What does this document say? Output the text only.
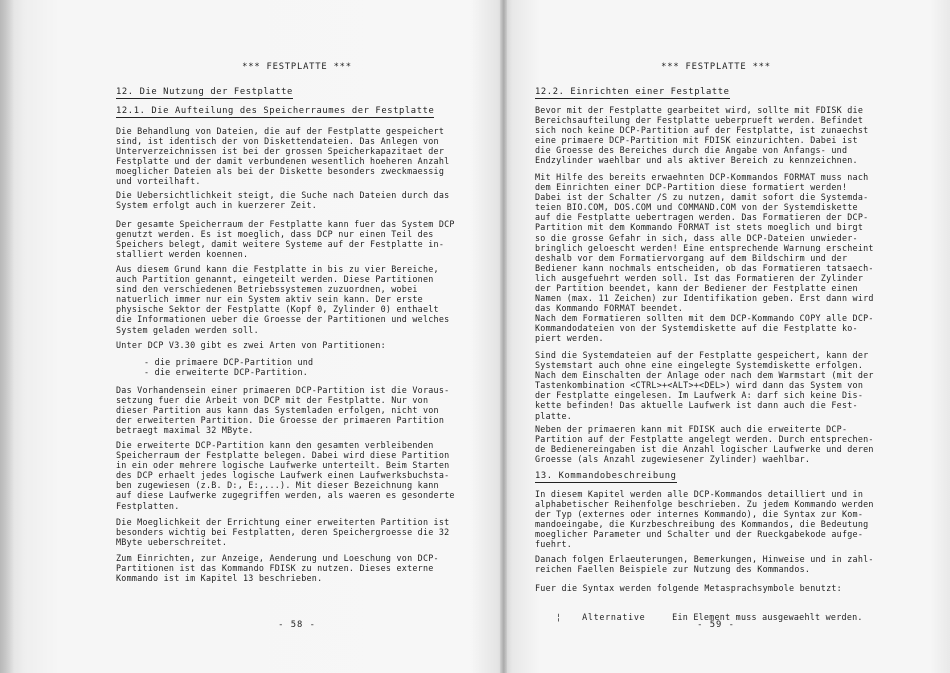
*** FESTPLATTE ***
12. Die Nutzung der Festplatte
12.1. Die Aufteilung des Speicherraumes der Festplatte
Die Behandlung von Dateien, die auf der Festplatte gespeichert
sind, ist identisch der von Diskettendateien. Das Anlegen von
Unterverzeichnissen ist bei der grossen Speicherkapazitaet der
Festplatte und der damit verbundenen wesentlich hoeheren Anzahl
moeglicher Dateien als bei der Diskette besonders zweckmaessig
und vorteilhaft.
Die Uebersichtlichkeit steigt, die Suche nach Dateien durch das
System erfolgt auch in kuerzerer Zeit.
Der gesamte Speicherraum der Festplatte kann fuer das System DCP
genutzt werden. Es ist moeglich, dass DCP nur einen Teil des
Speichers belegt, damit weitere Systeme auf der Festplatte in-
stalliert werden koennen.
Aus diesem Grund kann die Festplatte in bis zu vier Bereiche,
auch Partition genannt, eingeteilt werden. Diese Partitionen
sind den verschiedenen Betriebssystemen zuzuordnen, wobei
natuerlich immer nur ein System aktiv sein kann. Der erste
physische Sektor der Festplatte (Kopf 0, Zylinder 0) enthaelt
die Informationen ueber die Groesse der Partitionen und welches
System geladen werden soll.
Unter DCP V3.30 gibt es zwei Arten von Partitionen:
- die primaere DCP-Partition und
- die erweiterte DCP-Partition.
Das Vorhandensein einer primaeren DCP-Partition ist die Voraus-
setzung fuer die Arbeit von DCP mit der Festplatte. Nur von
dieser Partition aus kann das Systemladen erfolgen, nicht von
der erweiterten Partition. Die Groesse der primaeren Partition
betraegt maximal 32 MByte.
Die erweiterte DCP-Partition kann den gesamten verbleibenden
Speicherraum der Festplatte belegen. Dabei wird diese Partition
in ein oder mehrere logische Laufwerke unterteilt. Beim Starten
des DCP erhaelt jedes logische Laufwerk einen Laufwerksbuchsta-
ben zugewiesen (z.B. D:, E:,...). Mit dieser Bezeichnung kann
auf diese Laufwerke zugegriffen werden, als waeren es gesonderte
Festplatten.
Die Moeglichkeit der Errichtung einer erweiterten Partition ist
besonders wichtig bei Festplatten, deren Speichergroesse die 32
MByte ueberschreitet.
Zum Einrichten, zur Anzeige, Aenderung und Loeschung von DCP-
Partitionen ist das Kommando FDISK zu nutzen. Dieses externe
Kommando ist im Kapitel 13 beschrieben.
- 58 -
*** FESTPLATTE ***
12.2. Einrichten einer Festplatte
Bevor mit der Festplatte gearbeitet wird, sollte mit FDISK die
Bereichsaufteilung der Festplatte ueberprueft werden. Befindet
sich noch keine DCP-Partition auf der Festplatte, ist zunaechst
eine primaere DCP-Partition mit FDISK einzurichten. Dabei ist
die Groesse des Bereiches durch die Angabe von Anfangs- und
Endzylinder waehlbar und als aktiver Bereich zu kennzeichnen.
Mit Hilfe des bereits erwaehnten DCP-Kommandos FORMAT muss nach
dem Einrichten einer DCP-Partition diese formatiert werden!
Dabei ist der Schalter /S zu nutzen, damit sofort die Systemda-
teien BIO.COM, DOS.COM und COMMAND.COM von der Systemdiskette
auf die Festplatte uebertragen werden. Das Formatieren der DCP-
Partition mit dem Kommando FORMAT ist stets moeglich und birgt
so die grosse Gefahr in sich, dass alle DCP-Dateien unwieder-
bringlich geloescht werden! Eine entsprechende Warnung erscheint
deshalb vor dem Formatiervorgang auf dem Bildschirm und der
Bediener kann nochmals entscheiden, ob das Formatieren tatsaech-
lich ausgefuehrt werden soll. Ist das Formatieren der Zylinder
der Partition beendet, kann der Bediener der Festplatte einen
Namen (max. 11 Zeichen) zur Identifikation geben. Erst dann wird
das Kommando FORMAT beendet.
Nach dem Formatieren sollten mit dem DCP-Kommando COPY alle DCP-
Kommandodateien von der Systemdiskette auf die Festplatte ko-
piert werden.
Sind die Systemdateien auf der Festplatte gespeichert, kann der
Systemstart auch ohne eine eingelegte Systemdiskette erfolgen.
Nach dem Einschalten der Anlage oder nach dem Warmstart (mit der
Tastenkombination <CTRL>+<ALT>+<DEL>) wird dann das System von
der Festplatte eingelesen. Im Laufwerk A: darf sich keine Dis-
kette befinden! Das aktuelle Laufwerk ist dann auch die Fest-
platte.
Neben der primaeren kann mit FDISK auch die erweiterte DCP-
Partition auf der Festplatte angelegt werden. Durch entsprechen-
de Bedienereingaben ist die Anzahl logischer Laufwerke und deren
Groesse (als Anzahl zugewiesener Zylinder) waehlbar.
13. Kommandobeschreibung
In diesem Kapitel werden alle DCP-Kommandos detailliert und in
alphabetischer Reihenfolge beschrieben. Zu jedem Kommando werden
der Typ (externes oder internes Kommando), die Syntax zur Kom-
mandoeingabe, die Kurzbeschreibung des Kommandos, die Bedeutung
moeglicher Parameter und Schalter und der Rueckgabekode aufge-
fuehrt.
Danach folgen Erlaeuterungen, Bemerkungen, Hinweise und in zahl-
reichen Faellen Beispiele zur Nutzung des Kommandos.
Fuer die Syntax werden folgende Metasprachsymbole benutzt:

¦ Alternative	Ein Element muss ausgewaehlt werden.

- 59 -
